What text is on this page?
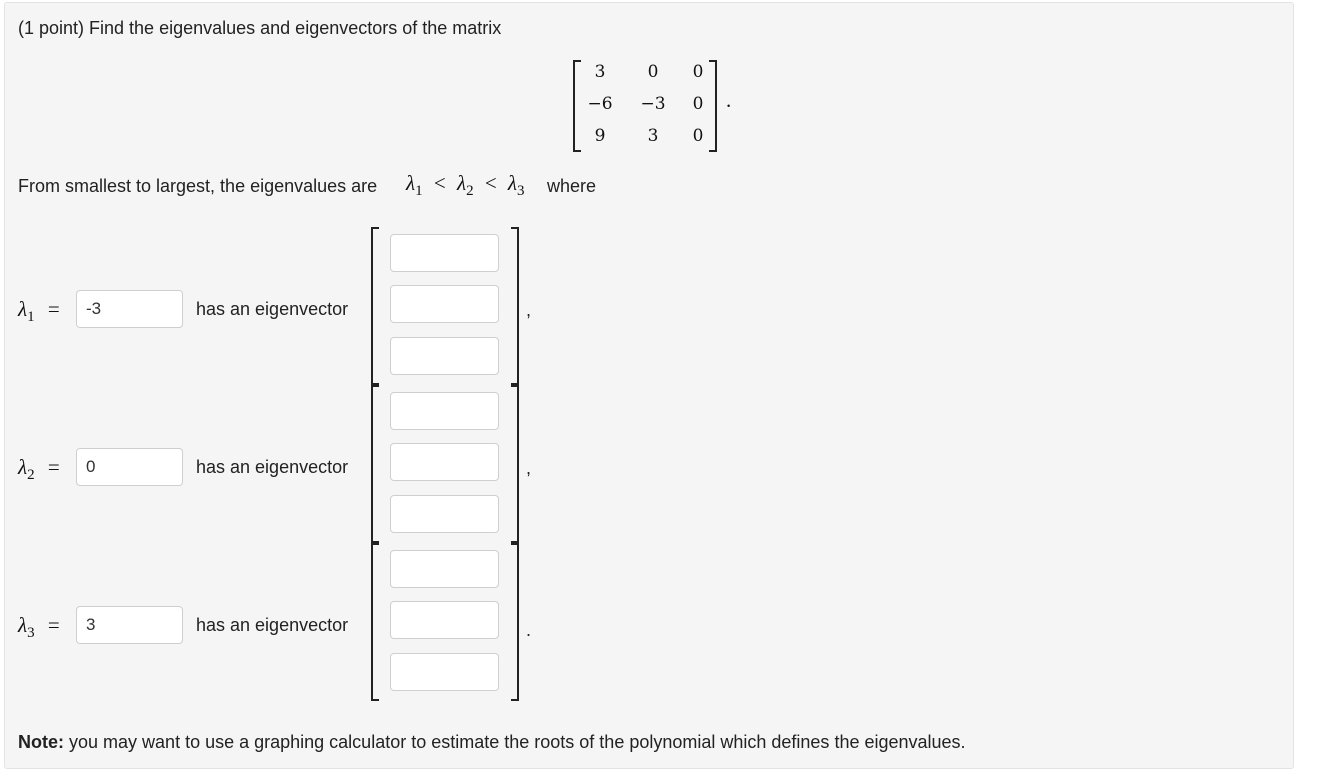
(1 point) Find the eigenvalues and eigenvectors of the matrix
3	0	0
−6	−3	0
9	3	0
.
From smallest to largest, the eigenvalues are $\lambda_1 < \lambda_2 < \lambda_3$ where
$\lambda_1$ =
-3	has an eigenvector	,
$\lambda_2$ =
0	has an eigenvector	,
$\lambda_3$ =
3	has an eigenvector	.
Note: you may want to use a graphing calculator to estimate the roots of the polynomial which defines the eigenvalues.
